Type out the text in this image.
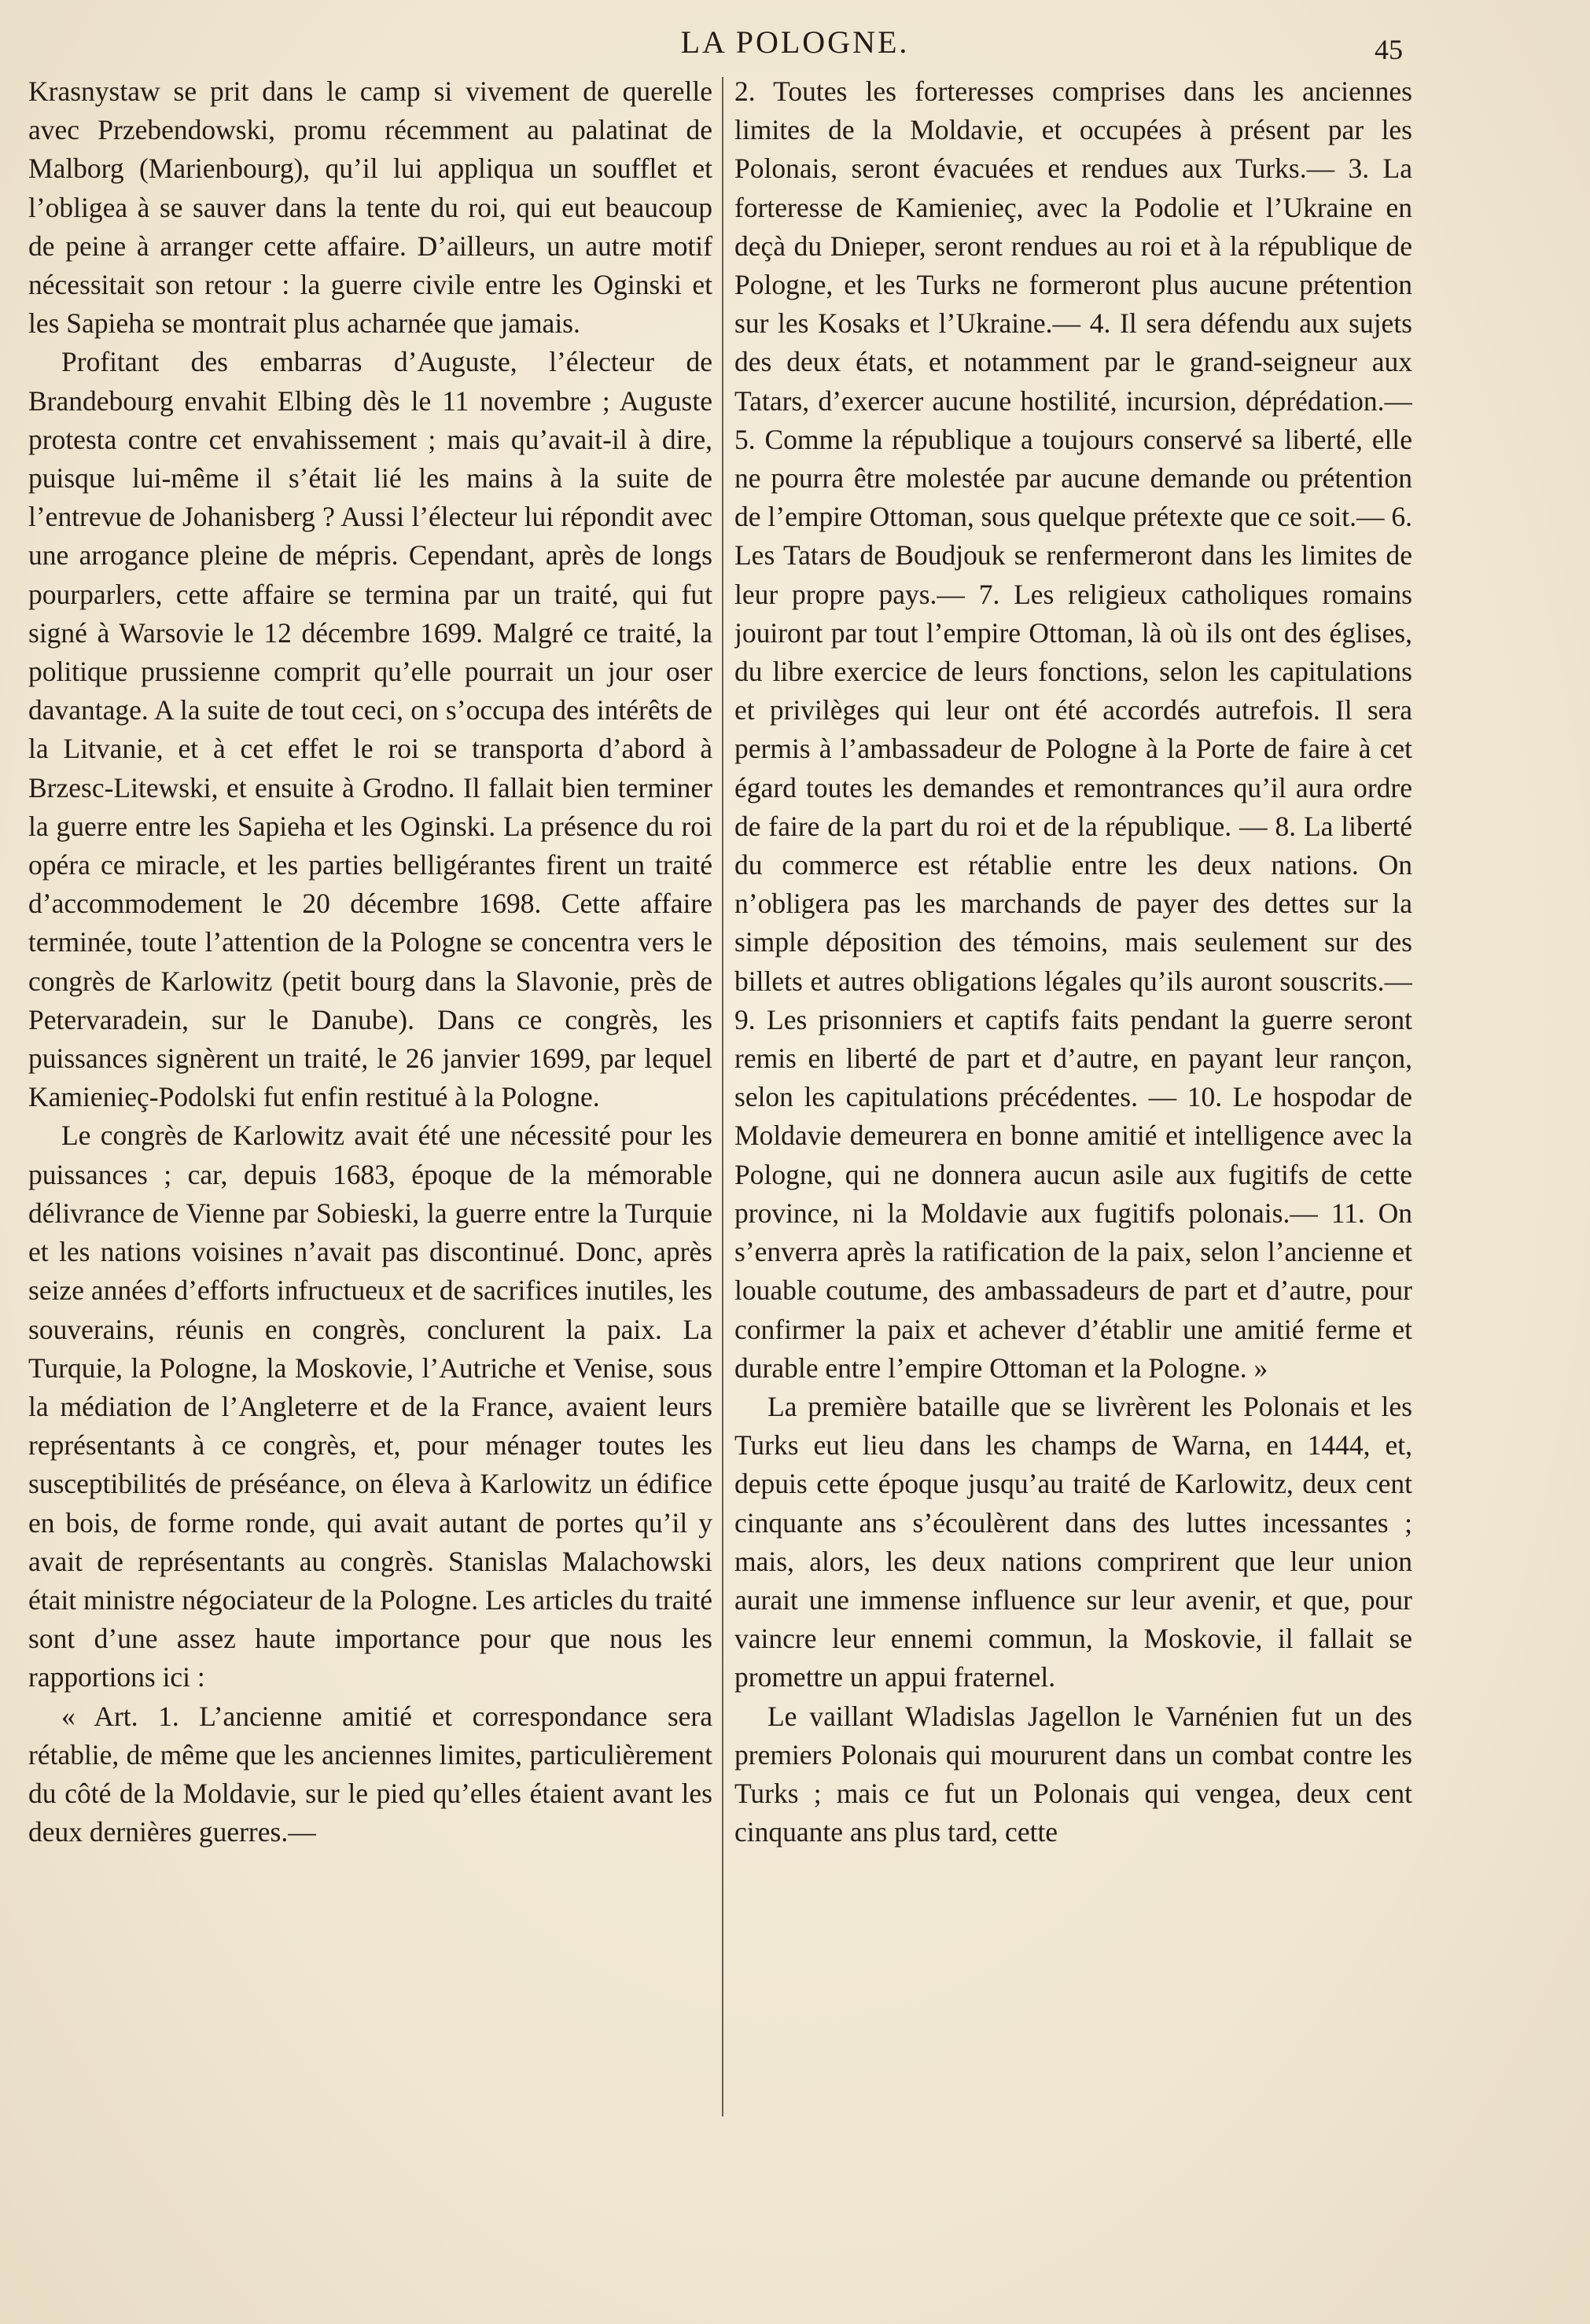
LA POLOGNE.	45

Krasnystaw se prit dans le camp si vivement de querelle avec Przebendowski, promu récemment au palatinat de Malborg (Marienbourg), qu’il lui appliqua un soufflet et l’obligea à se sauver dans la tente du roi, qui eut beaucoup de peine à arranger cette affaire. D’ailleurs, un autre motif nécessitait son retour : la guerre civile entre les Oginski et les Sapieha se montrait plus acharnée que jamais.

Profitant des embarras d’Auguste, l’électeur de Brandebourg envahit Elbing dès le 11 novembre ; Auguste protesta contre cet envahissement ; mais qu’avait-il à dire, puisque lui-même il s’était lié les mains à la suite de l’entrevue de Johanisberg ? Aussi l’électeur lui répondit avec une arrogance pleine de mépris. Cependant, après de longs pourparlers, cette affaire se termina par un traité, qui fut signé à Warsovie le 12 décembre 1699. Malgré ce traité, la politique prussienne comprit qu’elle pourrait un jour oser davantage. A la suite de tout ceci, on s’occupa des intérêts de la Litvanie, et à cet effet le roi se transporta d’abord à Brzesc-Litewski, et ensuite à Grodno. Il fallait bien terminer la guerre entre les Sapieha et les Oginski. La présence du roi opéra ce miracle, et les parties belligérantes firent un traité d’accommodement le 20 décembre 1698. Cette affaire terminée, toute l’attention de la Pologne se concentra vers le congrès de Karlowitz (petit bourg dans la Slavonie, près de Petervaradein, sur le Danube). Dans ce congrès, les puissances signèrent un traité, le 26 janvier 1699, par lequel Kamienieç-Podolski fut enfin restitué à la Pologne.

Le congrès de Karlowitz avait été une nécessité pour les puissances ; car, depuis 1683, époque de la mémorable délivrance de Vienne par Sobieski, la guerre entre la Turquie et les nations voisines n’avait pas discontinué. Donc, après seize années d’efforts infructueux et de sacrifices inutiles, les souverains, réunis en congrès, conclurent la paix. La Turquie, la Pologne, la Moskovie, l’Autriche et Venise, sous la médiation de l’Angleterre et de la France, avaient leurs représentants à ce congrès, et, pour ménager toutes les susceptibilités de préséance, on éleva à Karlowitz un édifice en bois, de forme ronde, qui avait autant de portes qu’il y avait de représentants au congrès. Stanislas Malachowski était ministre négociateur de la Pologne. Les articles du traité sont d’une assez haute importance pour que nous les rapportions ici :

« Art. 1. L’ancienne amitié et correspondance sera rétablie, de même que les anciennes limites, particulièrement du côté de la Moldavie, sur le pied qu’elles étaient avant les deux dernières guerres.—

2. Toutes les forteresses comprises dans les anciennes limites de la Moldavie, et occupées à présent par les Polonais, seront évacuées et rendues aux Turks.— 3. La forteresse de Kamienieç, avec la Podolie et l’Ukraine en deçà du Dnieper, seront rendues au roi et à la république de Pologne, et les Turks ne formeront plus aucune prétention sur les Kosaks et l’Ukraine.— 4. Il sera défendu aux sujets des deux états, et notamment par le grand-seigneur aux Tatars, d’exercer aucune hostilité, incursion, déprédation.— 5. Comme la république a toujours conservé sa liberté, elle ne pourra être molestée par aucune demande ou prétention de l’empire Ottoman, sous quelque prétexte que ce soit.— 6. Les Tatars de Boudjouk se renfermeront dans les limites de leur propre pays.— 7. Les religieux catholiques romains jouiront par tout l’empire Ottoman, là où ils ont des églises, du libre exercice de leurs fonctions, selon les capitulations et privilèges qui leur ont été accordés autrefois. Il sera permis à l’ambassadeur de Pologne à la Porte de faire à cet égard toutes les demandes et remontrances qu’il aura ordre de faire de la part du roi et de la république. — 8. La liberté du commerce est rétablie entre les deux nations. On n’obligera pas les marchands de payer des dettes sur la simple déposition des témoins, mais seulement sur des billets et autres obligations légales qu’ils auront souscrits.— 9. Les prisonniers et captifs faits pendant la guerre seront remis en liberté de part et d’autre, en payant leur rançon, selon les capitulations précédentes. — 10. Le hospodar de Moldavie demeurera en bonne amitié et intelligence avec la Pologne, qui ne donnera aucun asile aux fugitifs de cette province, ni la Moldavie aux fugitifs polonais.— 11. On s’enverra après la ratification de la paix, selon l’ancienne et louable coutume, des ambassadeurs de part et d’autre, pour confirmer la paix et achever d’établir une amitié ferme et durable entre l’empire Ottoman et la Pologne. »

La première bataille que se livrèrent les Polonais et les Turks eut lieu dans les champs de Warna, en 1444, et, depuis cette époque jusqu’au traité de Karlowitz, deux cent cinquante ans s’écoulèrent dans des luttes incessantes ; mais, alors, les deux nations comprirent que leur union aurait une immense influence sur leur avenir, et que, pour vaincre leur ennemi commun, la Moskovie, il fallait se promettre un appui fraternel.

Le vaillant Wladislas Jagellon le Varnénien fut un des premiers Polonais qui moururent dans un combat contre les Turks ; mais ce fut un Polonais qui vengea, deux cent cinquante ans plus tard, cette
